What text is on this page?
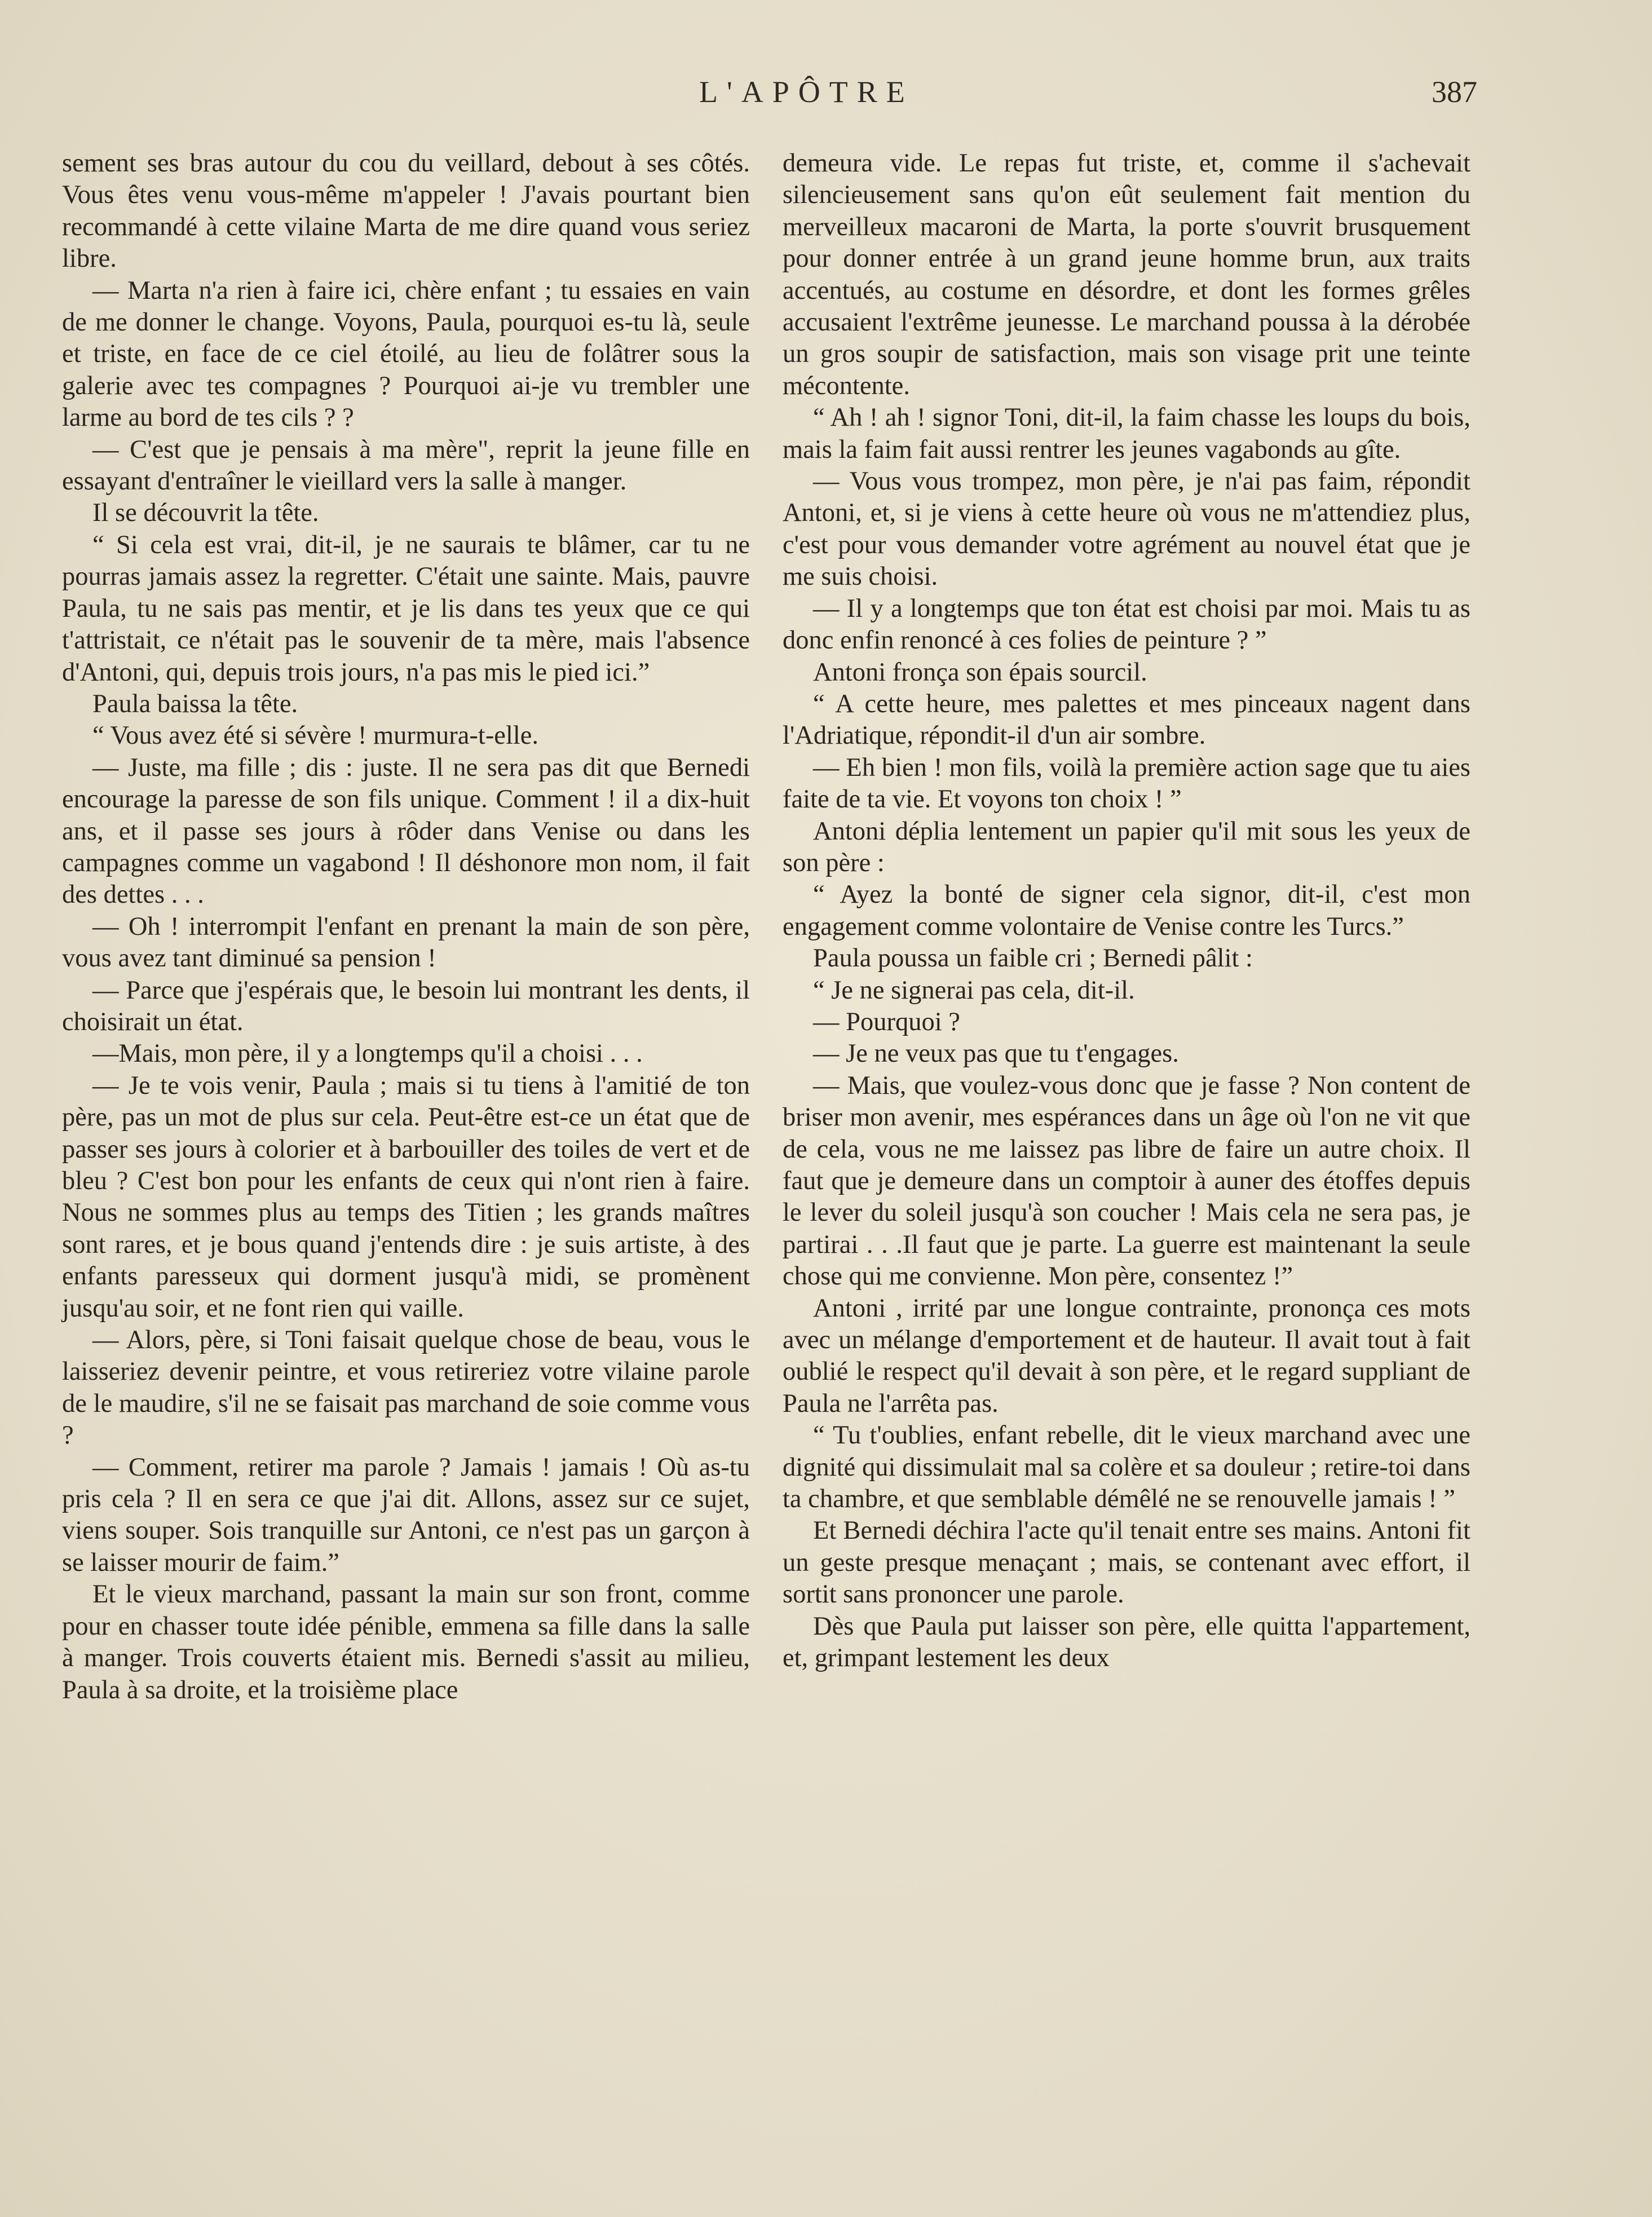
L'APÔTRE	387

sement ses bras autour du cou du veillard, debout à ses côtés. Vous êtes venu vous-même m'appeler ! J'avais pourtant bien recommandé à cette vilaine Marta de me dire quand vous seriez libre.

— Marta n'a rien à faire ici, chère enfant ; tu essaies en vain de me donner le change. Voyons, Paula, pourquoi es-tu là, seule et triste, en face de ce ciel étoilé, au lieu de folâtrer sous la galerie avec tes compagnes ? Pourquoi ai-je vu trembler une larme au bord de tes cils ? ?

— C'est que je pensais à ma mère", reprit la jeune fille en essayant d'entraîner le vieillard vers la salle à manger.

Il se découvrit la tête.

“ Si cela est vrai, dit-il, je ne saurais te blâmer, car tu ne pourras jamais assez la regretter. C'était une sainte. Mais, pauvre Paula, tu ne sais pas mentir, et je lis dans tes yeux que ce qui t'attristait, ce n'était pas le souvenir de ta mère, mais l'absence d'Antoni, qui, depuis trois jours, n'a pas mis le pied ici.”

Paula baissa la tête.

“ Vous avez été si sévère ! murmura-t-elle.

— Juste, ma fille ; dis : juste. Il ne sera pas dit que Bernedi encourage la paresse de son fils unique. Comment ! il a dix-huit ans, et il passe ses jours à rôder dans Venise ou dans les campagnes comme un vagabond ! Il déshonore mon nom, il fait des dettes . . .

— Oh ! interrompit l'enfant en prenant la main de son père, vous avez tant diminué sa pension !

— Parce que j'espérais que, le besoin lui montrant les dents, il choisirait un état.

—Mais, mon père, il y a longtemps qu'il a choisi . . .

— Je te vois venir, Paula ; mais si tu tiens à l'amitié de ton père, pas un mot de plus sur cela. Peut-être est-ce un état que de passer ses jours à colorier et à barbouiller des toiles de vert et de bleu ? C'est bon pour les enfants de ceux qui n'ont rien à faire. Nous ne sommes plus au temps des Titien ; les grands maîtres sont rares, et je bous quand j'entends dire : je suis artiste, à des enfants paresseux qui dorment jusqu'à midi, se promènent jusqu'au soir, et ne font rien qui vaille.

— Alors, père, si Toni faisait quelque chose de beau, vous le laisseriez devenir peintre, et vous retireriez votre vilaine parole de le maudire, s'il ne se faisait pas marchand de soie comme vous ?

— Comment, retirer ma parole ? Jamais ! jamais ! Où as-tu pris cela ? Il en sera ce que j'ai dit. Allons, assez sur ce sujet, viens souper. Sois tranquille sur Antoni, ce n'est pas un garçon à se laisser mourir de faim.”

Et le vieux marchand, passant la main sur son front, comme pour en chasser toute idée pénible, emmena sa fille dans la salle à manger. Trois couverts étaient mis. Bernedi s'assit au milieu, Paula à sa droite, et la troisième place

demeura vide. Le repas fut triste, et, comme il s'achevait silencieusement sans qu'on eût seulement fait mention du merveilleux macaroni de Marta, la porte s'ouvrit brusquement pour donner entrée à un grand jeune homme brun, aux traits accentués, au costume en désordre, et dont les formes grêles accusaient l'extrême jeunesse. Le marchand poussa à la dérobée un gros soupir de satisfaction, mais son visage prit une teinte mécontente.

“ Ah ! ah ! signor Toni, dit-il, la faim chasse les loups du bois, mais la faim fait aussi rentrer les jeunes vagabonds au gîte.

— Vous vous trompez, mon père, je n'ai pas faim, répondit Antoni, et, si je viens à cette heure où vous ne m'attendiez plus, c'est pour vous demander votre agrément au nouvel état que je me suis choisi.

— Il y a longtemps que ton état est choisi par moi. Mais tu as donc enfin renoncé à ces folies de peinture ? ”

Antoni fronça son épais sourcil.

“ A cette heure, mes palettes et mes pinceaux nagent dans l'Adriatique, répondit-il d'un air sombre.

— Eh bien ! mon fils, voilà la première action sage que tu aies faite de ta vie. Et voyons ton choix ! ”

Antoni déplia lentement un papier qu'il mit sous les yeux de son père :

“ Ayez la bonté de signer cela signor, dit-il, c'est mon engagement comme volontaire de Venise contre les Turcs.”

Paula poussa un faible cri ; Bernedi pâlit :

“ Je ne signerai pas cela, dit-il.

— Pourquoi ?

— Je ne veux pas que tu t'engages.

— Mais, que voulez-vous donc que je fasse ? Non content de briser mon avenir, mes espérances dans un âge où l'on ne vit que de cela, vous ne me laissez pas libre de faire un autre choix. Il faut que je demeure dans un comptoir à auner des étoffes depuis le lever du soleil jusqu'à son coucher ! Mais cela ne sera pas, je partirai . . .Il faut que je parte. La guerre est maintenant la seule chose qui me convienne. Mon père, consentez !”

Antoni , irrité par une longue contrainte, prononça ces mots avec un mélange d'emportement et de hauteur. Il avait tout à fait oublié le respect qu'il devait à son père, et le regard suppliant de Paula ne l'arrêta pas.

“ Tu t'oublies, enfant rebelle, dit le vieux marchand avec une dignité qui dissimulait mal sa colère et sa douleur ; retire-toi dans ta chambre, et que semblable démêlé ne se renouvelle jamais ! ”

Et Bernedi déchira l'acte qu'il tenait entre ses mains. Antoni fit un geste presque menaçant ; mais, se contenant avec effort, il sortit sans prononcer une parole.

Dès que Paula put laisser son père, elle quitta l'appartement, et, grimpant lestement les deux
